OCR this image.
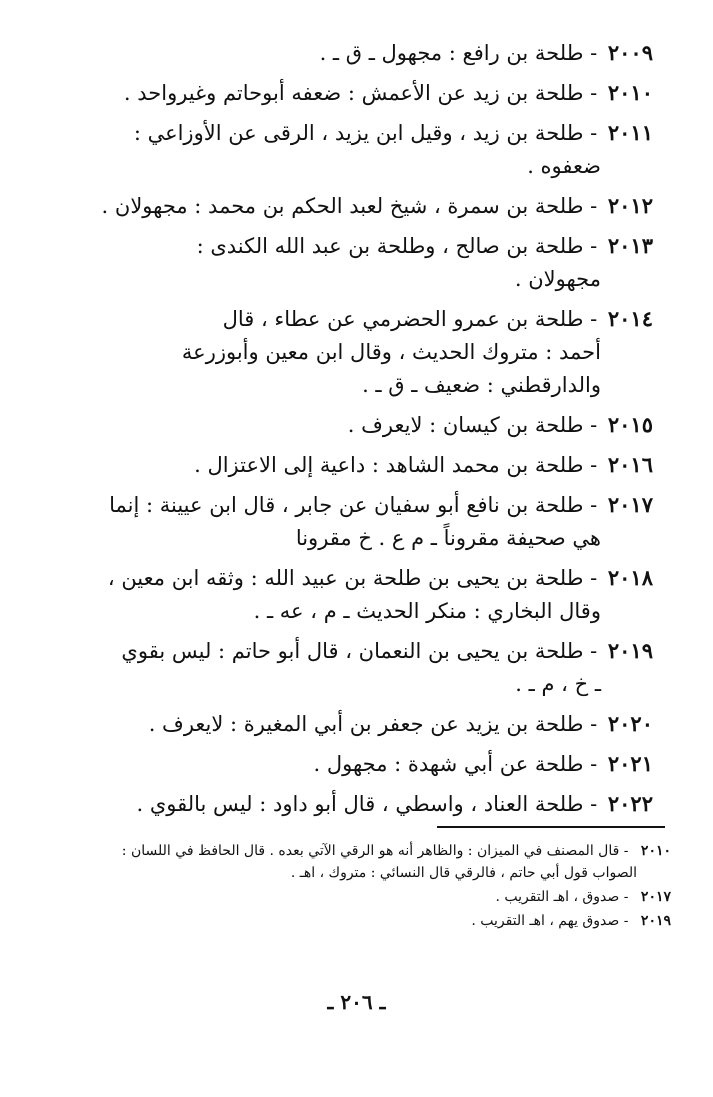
٢٠٠٩ - طلحة بن رافع : مجهول ـ ق ـ .
٢٠١٠ - طلحة بن زيد عن الأعمش : ضعفه أبوحاتم وغيرواحد .
٢٠١١ - طلحة بن زيد ، وقيل ابن يزيد ، الرقى عن الأوزاعي :
ضعفوه .
٢٠١٢ - طلحة بن سمرة ، شيخ لعبد الحكم بن محمد : مجهولان .
٢٠١٣ - طلحة بن صالح ، وطلحة بن عبد الله الكندى :
مجهولان .
٢٠١٤ - طلحة بن عمرو الحضرمي عن عطاء ، قال
أحمد : متروك الحديث ، وقال ابن معين وأبوزرعة
والدارقطني : ضعيف ـ ق ـ .
٢٠١٥ - طلحة بن كيسان : لايعرف .
٢٠١٦ - طلحة بن محمد الشاهد : داعية إلى الاعتزال .
٢٠١٧ - طلحة بن نافع أبو سفيان عن جابر ، قال ابن عيينة : إنما
هي صحيفة مقروناً ـ م ع . خ مقرونا
٢٠١٨ - طلحة بن يحيى بن طلحة بن عبيد الله : وثقه ابن معين ،
وقال البخاري : منكر الحديث ـ م ، عه ـ .
٢٠١٩ - طلحة بن يحيى بن النعمان ، قال أبو حاتم : ليس بقوي
ـ خ ، م ـ .
٢٠٢٠ - طلحة بن يزيد عن جعفر بن أبي المغيرة : لايعرف .
٢٠٢١ - طلحة عن أبي شهدة : مجهول .
٢٠٢٢ - طلحة العناد ، واسطي ، قال أبو داود : ليس بالقوي .
٢٠١٠ - قال المصنف في الميزان : والظاهر أنه هو الرقي الآتي بعده . قال الحافظ في اللسان :
الصواب قول أبي حاتم ، فالرقي قال النسائي : متروك ، اهـ .
٢٠١٧ - صدوق ، اهـ التقريب .
٢٠١٩ - صدوق يهم ، اهـ التقريب .
ـ ٢٠٦ ـ
